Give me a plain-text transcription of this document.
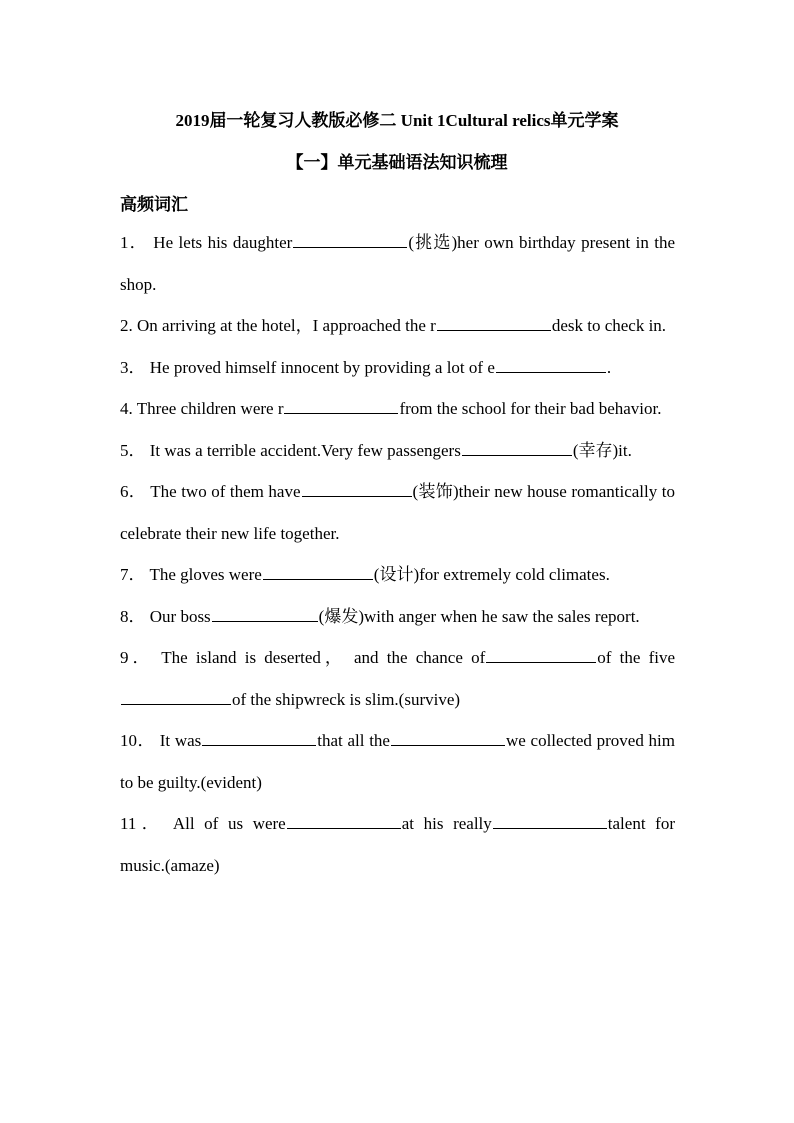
2019届一轮复习人教版必修二 Unit 1Cultural relics单元学案
【一】单元基础语法知识梳理
高频词汇

1． He lets his daughter	(挑选)her own birthday present in the shop.

2. On arriving at the hotel，I approached the r	desk to check in.

3． He proved himself innocent by providing a lot of e	.

4. Three children were r	from the school for their bad behavior.

5． It was a terrible accident.Very few passengers	(幸存)it.

6． The two of them have	(装饰)their new house romantically to celebrate their new life together.

7． The gloves were	(设计)for extremely cold climates.

8． Our boss	(爆发)with anger when he saw the sales report.

9． The island is deserted， and the chance of	of the fiveof the shipwreck is slim.(survive)

10． It was	that all the	we collected proved him to be guilty.(evident)

11． All of us were	at his really	talent for music.(amaze)
